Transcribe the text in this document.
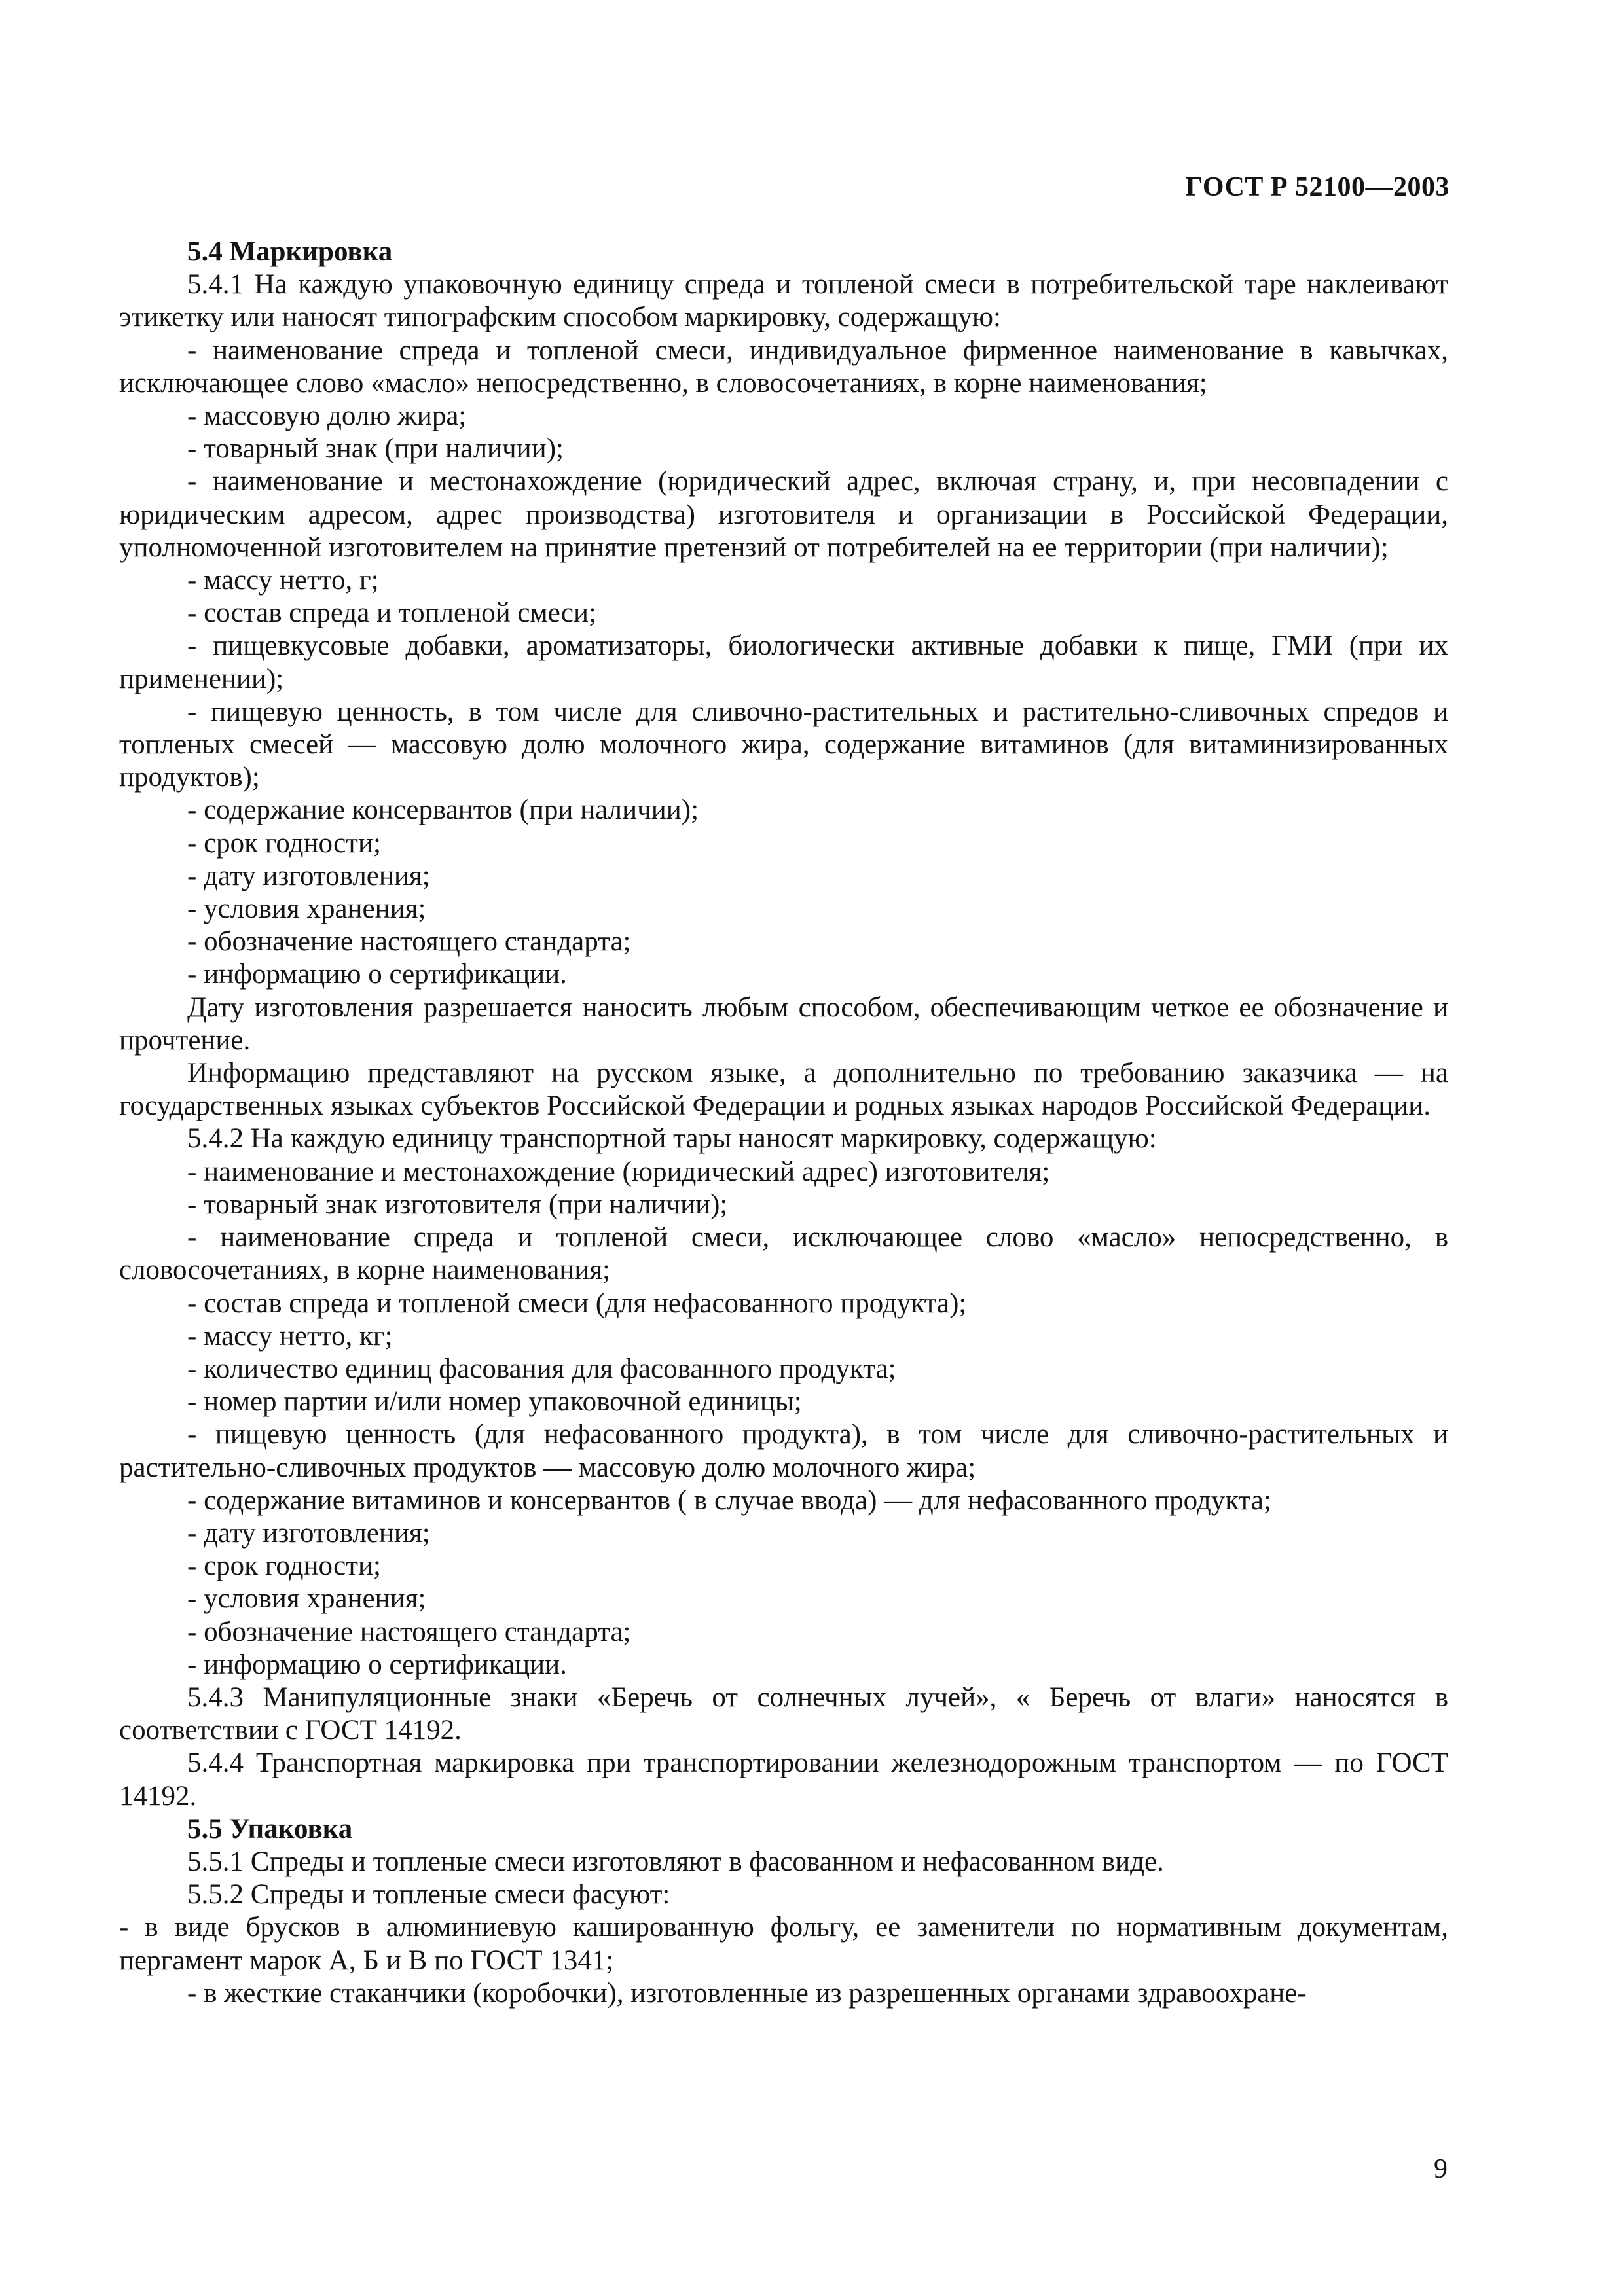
ГОСТ Р 52100—2003

5.4 Маркировка

5.4.1 На каждую упаковочную единицу спреда и топленой смеси в потребительской таре наклеивают этикетку или наносят типографским способом маркировку, содержащую:

- наименование спреда и топленой смеси, индивидуальное фирменное наименование в кавычках, исключающее слово «масло» непосредственно, в словосочетаниях, в корне наименования;

- массовую долю жира;

- товарный знак (при наличии);

- наименование и местонахождение (юридический адрес, включая страну, и, при несовпадении с юридическим адресом, адрес производства) изготовителя и организации в Российской Федерации, уполномоченной изготовителем на принятие претензий от потребителей на ее территории (при наличии);

- массу нетто, г;

- состав спреда и топленой смеси;

- пищевкусовые добавки, ароматизаторы, биологически активные добавки к пище, ГМИ (при их применении);

- пищевую ценность, в том числе для сливочно-растительных и растительно-сливочных спредов и топленых смесей — массовую долю молочного жира, содержание витаминов (для витаминизированных продуктов);

- содержание консервантов (при наличии);

- срок годности;

- дату изготовления;

- условия хранения;

- обозначение настоящего стандарта;

- информацию о сертификации.

Дату изготовления разрешается наносить любым способом, обеспечивающим четкое ее обозначение и прочтение.

Информацию представляют на русском языке, а дополнительно по требованию заказчика — на государственных языках субъектов Российской Федерации и родных языках народов Российской Федерации.

5.4.2 На каждую единицу транспортной тары наносят маркировку, содержащую:

- наименование и местонахождение (юридический адрес) изготовителя;

- товарный знак изготовителя (при наличии);

- наименование спреда и топленой смеси, исключающее слово «масло» непосредственно, в словосочетаниях, в корне наименования;

- состав спреда и топленой смеси (для нефасованного продукта);

- массу нетто, кг;

- количество единиц фасования для фасованного продукта;

- номер партии и/или номер упаковочной единицы;

- пищевую ценность (для нефасованного продукта), в том числе для сливочно-растительных и растительно-сливочных продуктов — массовую долю молочного жира;

- содержание витаминов и консервантов ( в случае ввода) — для нефасованного продукта;

- дату изготовления;

- срок годности;

- условия хранения;

- обозначение настоящего стандарта;

- информацию о сертификации.

5.4.3 Манипуляционные знаки «Беречь от солнечных лучей», « Беречь от влаги» наносятся в соответствии с ГОСТ 14192.

5.4.4 Транспортная маркировка при транспортировании железнодорожным транспортом — по ГОСТ 14192.

5.5 Упаковка

5.5.1 Спреды и топленые смеси изготовляют в фасованном и нефасованном виде.

5.5.2 Спреды и топленые смеси фасуют:

- в виде брусков в алюминиевую кашированную фольгу, ее заменители по нормативным документам, пергамент марок А, Б и В по ГОСТ 1341;

- в жесткие стаканчики (коробочки), изготовленные из разрешенных органами здравоохране-

9
